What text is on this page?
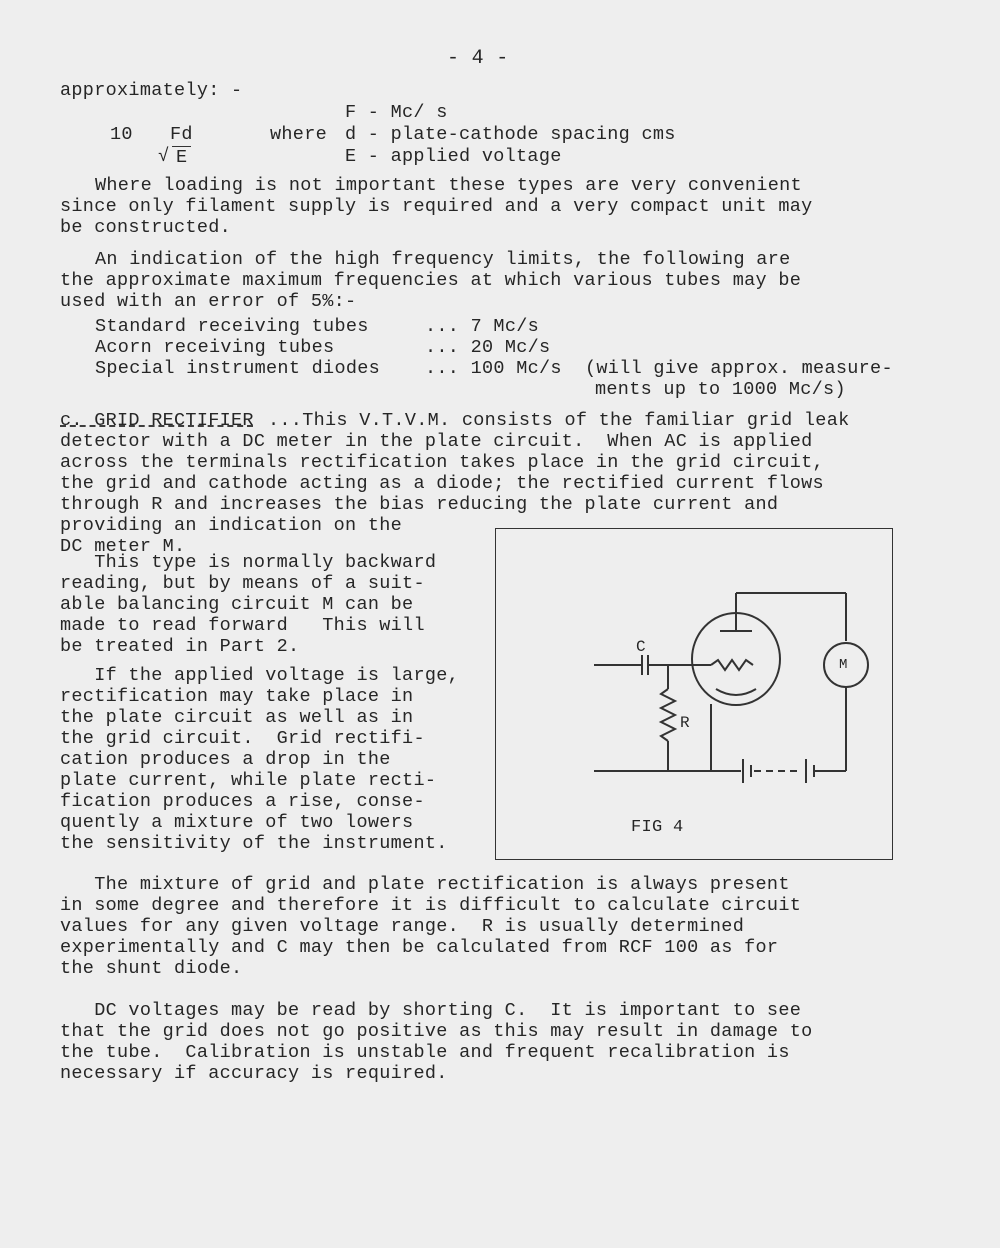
- 4 -
approximately: -
10 Fd
√ E
where
F - Mc/ s
d - plate-cathode spacing cms
E - applied voltage
Where loading is not important these types are very convenient
since only filament supply is required and a very compact unit may
be constructed.
An indication of the high frequency limits, the following are
the approximate maximum frequencies at which various tubes may be
used with an error of 5%:-
Standard receiving tubes	... 7 Mc/s
Acorn receiving tubes	... 20 Mc/s
Special instrument diodes ... 100 Mc/s (will give approx. measure-
ments up to 1000 Mc/s)
c. GRID RECTIFIER ...This V.T.V.M. consists of the familiar grid leak
detector with a DC meter in the plate circuit.  When AC is applied
across the terminals rectification takes place in the grid circuit,
the grid and cathode acting as a diode; the rectified current flows
through R and increases the bias reducing the plate current and
providing an indication on the
DC meter M.
This type is normally backward
reading, but by means of a suit-
able balancing circuit M can be
made to read forward   This will
be treated in Part 2.
If the applied voltage is large,
rectification may take place in
the plate circuit as well as in
the grid circuit.  Grid rectifi-
cation produces a drop in the
plate current, while plate recti-
fication produces a rise, conse-
quently a mixture of two lowers
the sensitivity of the instrument.
C
R
M
FIG 4
The mixture of grid and plate rectification is always present
in some degree and therefore it is difficult to calculate circuit
values for any given voltage range.  R is usually determined
experimentally and C may then be calculated from RCF 100 as for
the shunt diode.
DC voltages may be read by shorting C.  It is important to see
that the grid does not go positive as this may result in damage to
the tube.  Calibration is unstable and frequent recalibration is
necessary if accuracy is required.
